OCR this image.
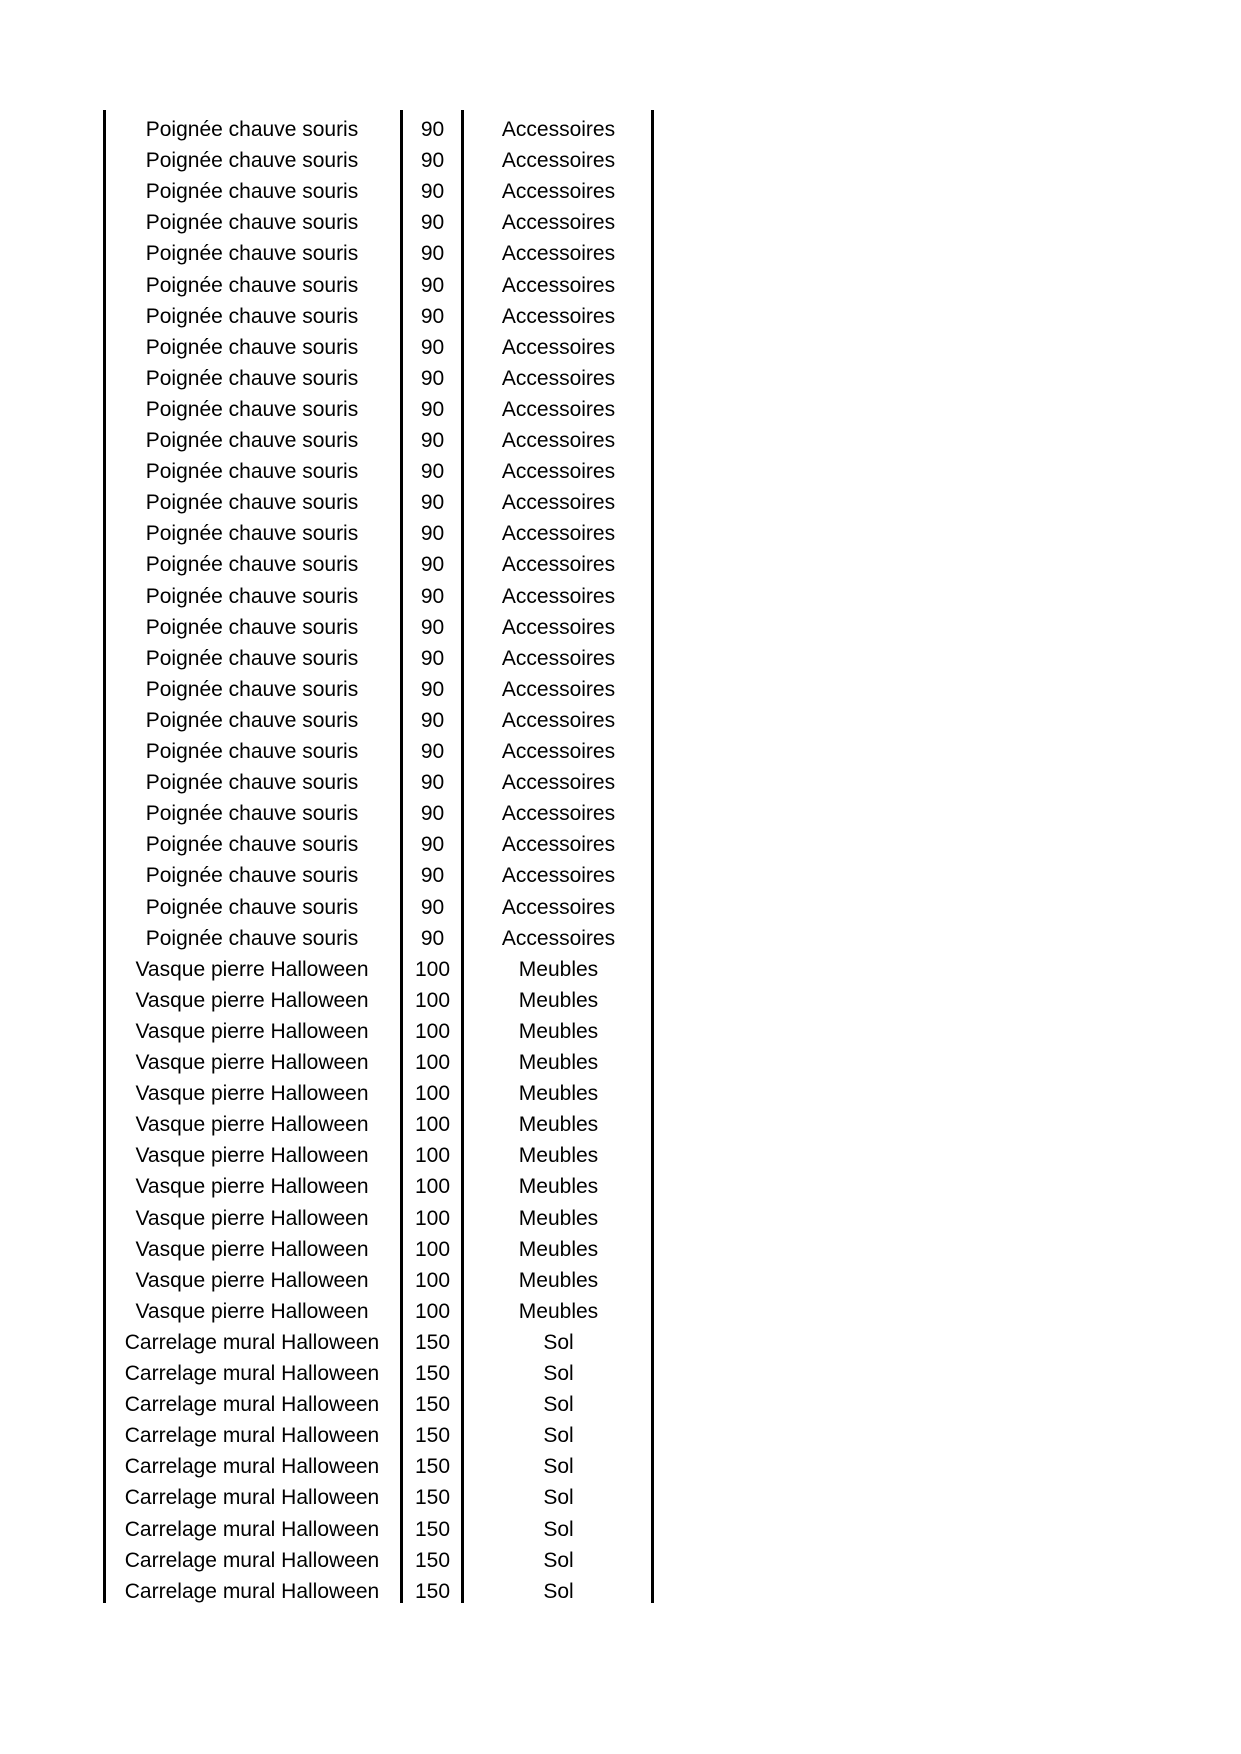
Poignée chauve souris	90	Accessoires
Poignée chauve souris	90	Accessoires
Poignée chauve souris	90	Accessoires
Poignée chauve souris	90	Accessoires
Poignée chauve souris	90	Accessoires
Poignée chauve souris	90	Accessoires
Poignée chauve souris	90	Accessoires
Poignée chauve souris	90	Accessoires
Poignée chauve souris	90	Accessoires
Poignée chauve souris	90	Accessoires
Poignée chauve souris	90	Accessoires
Poignée chauve souris	90	Accessoires
Poignée chauve souris	90	Accessoires
Poignée chauve souris	90	Accessoires
Poignée chauve souris	90	Accessoires
Poignée chauve souris	90	Accessoires
Poignée chauve souris	90	Accessoires
Poignée chauve souris	90	Accessoires
Poignée chauve souris	90	Accessoires
Poignée chauve souris	90	Accessoires
Poignée chauve souris	90	Accessoires
Poignée chauve souris	90	Accessoires
Poignée chauve souris	90	Accessoires
Poignée chauve souris	90	Accessoires
Poignée chauve souris	90	Accessoires
Poignée chauve souris	90	Accessoires
Poignée chauve souris	90	Accessoires
Vasque pierre Halloween	100	Meubles
Vasque pierre Halloween	100	Meubles
Vasque pierre Halloween	100	Meubles
Vasque pierre Halloween	100	Meubles
Vasque pierre Halloween	100	Meubles
Vasque pierre Halloween	100	Meubles
Vasque pierre Halloween	100	Meubles
Vasque pierre Halloween	100	Meubles
Vasque pierre Halloween	100	Meubles
Vasque pierre Halloween	100	Meubles
Vasque pierre Halloween	100	Meubles
Vasque pierre Halloween	100	Meubles
Carrelage mural Halloween	150	Sol
Carrelage mural Halloween	150	Sol
Carrelage mural Halloween	150	Sol
Carrelage mural Halloween	150	Sol
Carrelage mural Halloween	150	Sol
Carrelage mural Halloween	150	Sol
Carrelage mural Halloween	150	Sol
Carrelage mural Halloween	150	Sol
Carrelage mural Halloween	150	Sol
